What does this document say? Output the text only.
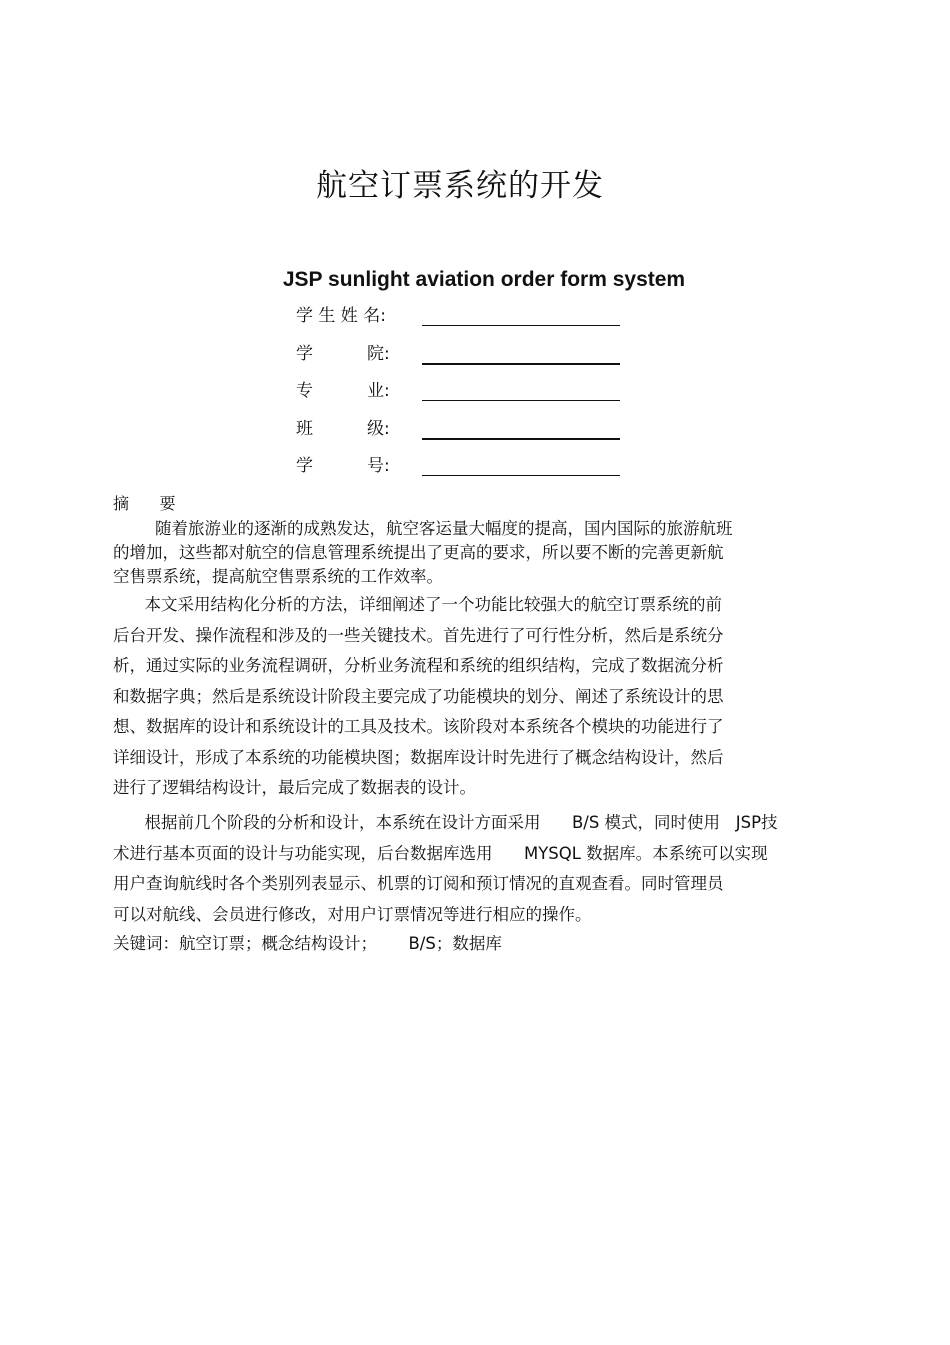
航空订票系统的开发
JSP sunlight aviation order form system
学 生 姓 名:
学          院:
专          业:
班          级:
学          号:
摘      要
随着旅游业的逐渐的成熟发达，航空客运量大幅度的提高，国内国际的旅游航班
的增加，这些都对航空的信息管理系统提出了更高的要求，所以要不断的完善更新航
空售票系统，提高航空售票系统的工作效率。
本文采用结构化分析的方法，详细阐述了一个功能比较强大的航空订票系统的前
后台开发、操作流程和涉及的一些关键技术。首先进行了可行性分析，然后是系统分
析，通过实际的业务流程调研，分析业务流程和系统的组织结构，完成了数据流分析
和数据字典；然后是系统设计阶段主要完成了功能模块的划分、阐述了系统设计的思
想、数据库的设计和系统设计的工具及技术。该阶段对本系统各个模块的功能进行了
详细设计，形成了本系统的功能模块图；数据库设计时先进行了概念结构设计，然后
进行了逻辑结构设计，最后完成了数据表的设计。
根据前几个阶段的分析和设计，本系统在设计方面采用      B/S 模式，同时使用   JSP技
术进行基本页面的设计与功能实现，后台数据库选用      MYSQL 数据库。本系统可以实现
用户查询航线时各个类别列表显示、机票的订阅和预订情况的直观查看。同时管理员
可以对航线、会员进行修改，对用户订票情况等进行相应的操作。
关键词：航空订票；概念结构设计；      B/S；数据库
